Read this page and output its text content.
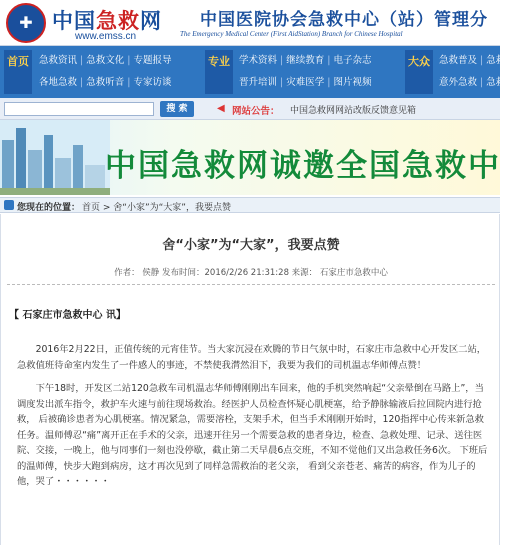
✚ 中国急救网
www.emss.cn
中国医院协会急救中心（站）管理分
The Emergency Medical Center (First AidStation) Branch for Chinese Hospital
首页	急救资讯 | 急救文化 | 专题报导
各地急救 | 急救听音 | 专家访谈
专业 学术资料 | 继续教育 | 电子杂志
晋升培训 | 灾难医学 | 图片视频
大众 急救普及 | 急救
意外急救 | 急救
搜 索	◀ 网站公告： 中国急救网网站改版反馈意见箱
中国急救网诚邀全国急救中
您现在的位置： 首页 > 舍“小家”为“大家”，我要点赞
舍“小家”为“大家”，我要点赞
作者： 侯静 发布时间：2016/2/26 21:31:28 来源： 石家庄市急救中心
【 石家庄市急救中心 讯】

2016年2月22日，正值传统的元宵佳节。当大家沉浸在欢腾的节日气氛中时，石家庄市急救中心开发区二站，急救值班待命室内发生了一件感人的事迹，不禁使我潸然泪下，我要为我们的司机温志华师傅点赞！

下午18时，开发区二站120急救车司机温志华师傅刚刚出车回来，他的手机突然响起“父亲晕倒在马路上”，当调度发出派车指令，救护车火速与前往现场救治。经医护人员检查怀疑心肌梗塞，给予静脉输液后拉回院内进行抢救， 后被确诊患者为心肌梗塞。情况紧急，需要溶栓，支架手术，但当手术刚刚开始时，120指挥中心传来新急救任务。温师傅忍“痛”离开正在手术的父亲，迅速开往另一个需要急救的患者身边，检查、急救处理、记录、送往医院、交接，一晚上，他与同事们一刻也没停歇，截止第二天早晨6点交班，不知不觉他们又出急救任务6次。 下班后的温师傅，快步大跑到病房，这才再次见到了同样急需救治的老父亲， 看到父亲苍老、痛苦的病容，作为儿子的他，哭了・・・・・・
